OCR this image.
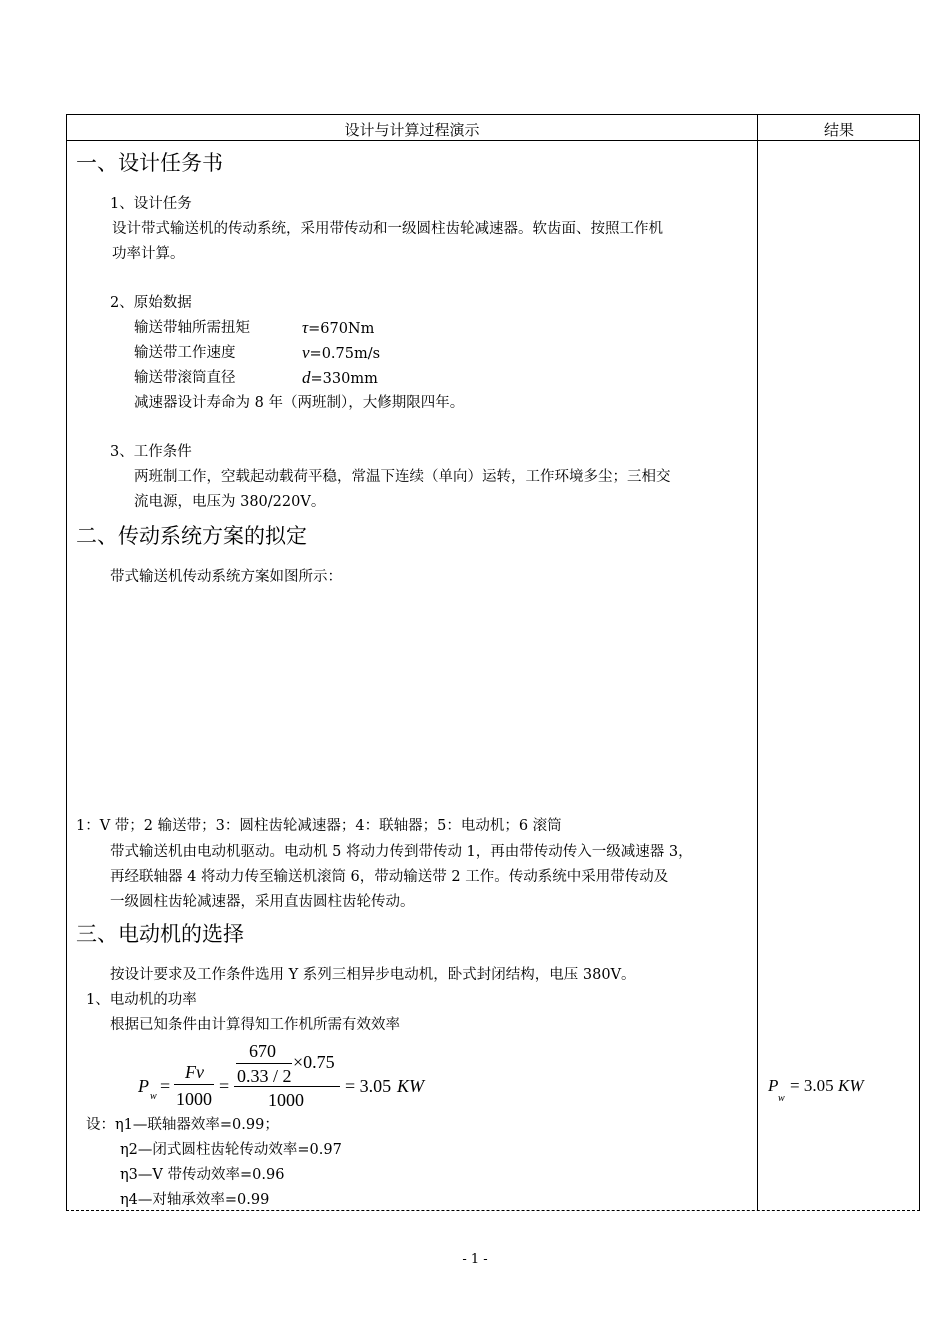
设计与计算过程演示	结果
一、设计任务书
1、设计任务
设计带式输送机的传动系统，采用带传动和一级圆柱齿轮减速器。软齿面、按照工作机
功率计算。
2、原始数据
输送带轴所需扭矩	τ=670Nm
输送带工作速度	ν=0.75m/s
输送带滚筒直径	d=330mm
减速器设计寿命为 8 年（两班制），大修期限四年。
3、工作条件
两班制工作，空载起动载荷平稳，常温下连续（单向）运转，工作环境多尘；三相交
流电源，电压为 380/220V。
二、传动系统方案的拟定
带式输送机传动系统方案如图所示：
1：V 带；2 输送带；3：圆柱齿轮减速器；4：联轴器；5：电动机；6 滚筒
带式输送机由电动机驱动。电动机 5 将动力传到带传动 1，再由带传动传入一级减速器 3，
再经联轴器 4 将动力传至输送机滚筒 6，带动输送带 2 工作。传动系统中采用带传动及
一级圆柱齿轮减速器，采用直齿圆柱齿轮传动。
三、电动机的选择
按设计要求及工作条件选用 Y 系列三相异步电动机，卧式封闭结构，电压 380V。
1、电动机的功率
根据已知条件由计算得知工作机所需有效效率
P
w
=
Fv
1000
=
670
0.33 / 2
×0.75
1000
= 3.05 KW
设：η1—联轴器效率=0.99；
η2—闭式圆柱齿轮传动效率=0.97
η3—V 带传动效率=0.96
η4—对轴承效率=0.99
P
w
= 3.05 KW
- 1 -
